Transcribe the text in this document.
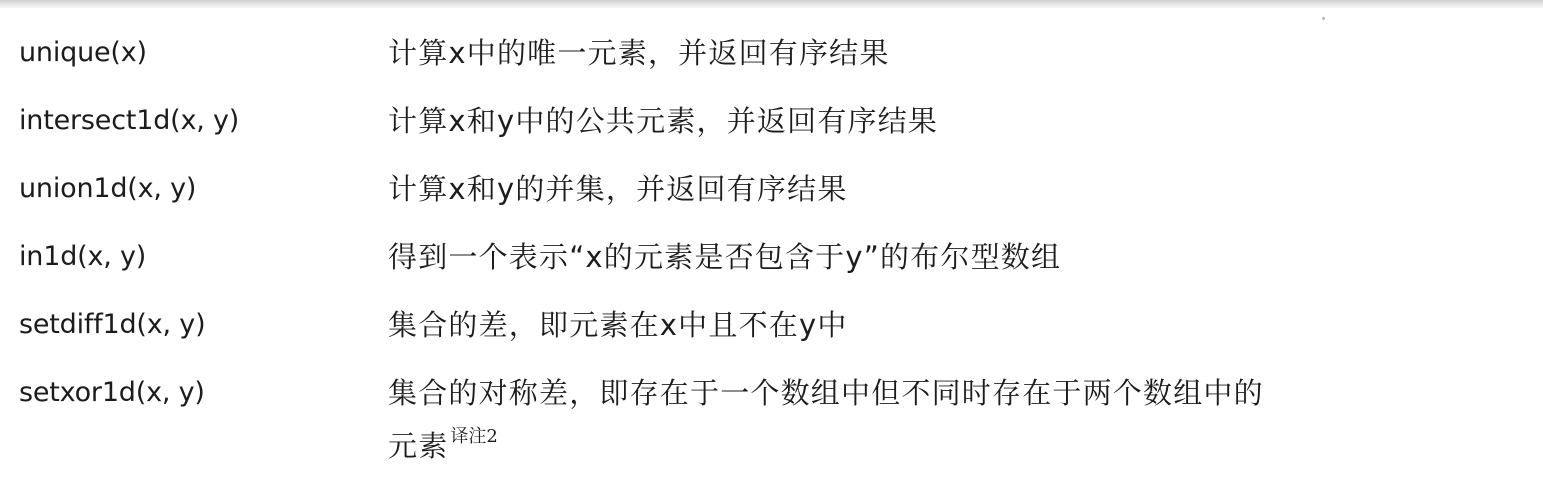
unique(x)	计算x中的唯一元素，并返回有序结果
intersect1d(x, y)	计算x和y中的公共元素，并返回有序结果
union1d(x, y)	计算x和y的并集，并返回有序结果
in1d(x, y)	得到一个表示“x的元素是否包含于y”的布尔型数组
setdiff1d(x, y)	集合的差，即元素在x中且不在y中
setxor1d(x, y)	集合的对称差，即存在于一个数组中但不同时存在于两个数组中的
元素 $^{译注2}$
